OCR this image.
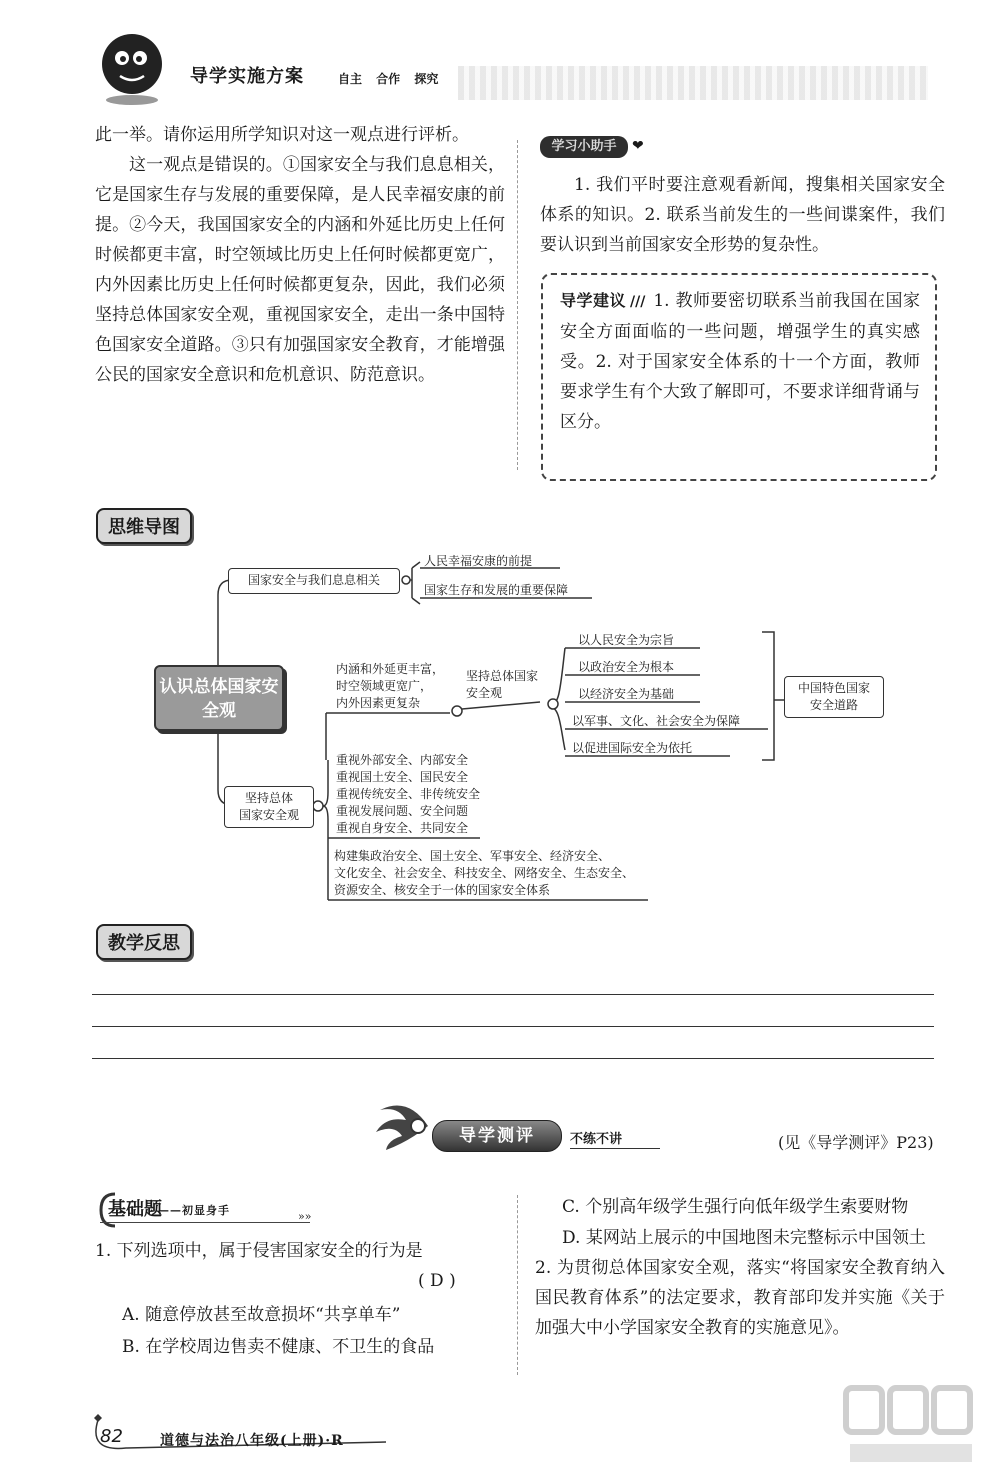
导学实施方案	自主 合作 探究

此一举。请你运用所学知识对这一观点进行评析。

这一观点是错误的。①国家安全与我们息息相关，它是国家生存与发展的重要保障，是人民幸福安康的前提。②今天，我国国家安全的内涵和外延比历史上任何时候都更丰富，时空领域比历史上任何时候都更宽广，内外因素比历史上任何时候都更复杂，因此，我们必须坚持总体国家安全观，重视国家安全，走出一条中国特色国家安全道路。③只有加强国家安全教育，才能增强公民的国家安全意识和危机意识、防范意识。

学习小助手	❤

1. 我们平时要注意观看新闻，搜集相关国家安全体系的知识。2. 联系当前发生的一些间谍案件，我们要认识到当前国家安全形势的复杂性。

导学建议 /// 1. 教师要密切联系当前我国在国家安全方面面临的一些问题，增强学生的真实感受。2. 对于国家安全体系的十一个方面，教师要求学生有个大致了解即可，不要求详细背诵与区分。

思维导图
认识总体国家安全观
国家安全与我们息息相关
人民幸福安康的前提
国家生存和发展的重要保障
内涵和外延更丰富，
时空领域更宽广，
内外因素更复杂
坚持总体国家
安全观
以人民安全为宗旨
以政治安全为根本
以经济安全为基础
以军事、文化、社会安全为保障
以促进国际安全为依托
中国特色国家
安全道路
坚持总体
国家安全观
重视外部安全、内部安全
重视国土安全、国民安全
重视传统安全、非传统安全
重视发展问题、安全问题
重视自身安全、共同安全
构建集政治安全、国土安全、军事安全、经济安全、
文化安全、社会安全、科技安全、网络安全、生态安全、
资源安全、核安全于一体的国家安全体系
教学反思
导学测评	不练不讲	(见《导学测评》P23)
基础题
——初显身手	»»

1. 下列选项中，属于侵害国家安全的行为是

( D )
A. 随意停放甚至故意损坏“共享单车”
B. 在学校周边售卖不健康、不卫生的食品
C. 个别高年级学生强行向低年级学生索要财物
D. 某网站上展示的中国地图未完整标示中国领土

2. 为贯彻总体国家安全观，落实“将国家安全教育纳入国民教育体系”的法定要求，教育部印发并实施《关于加强大中小学国家安全教育的实施意见》。

82	道德与法治八年级(上册)·R
